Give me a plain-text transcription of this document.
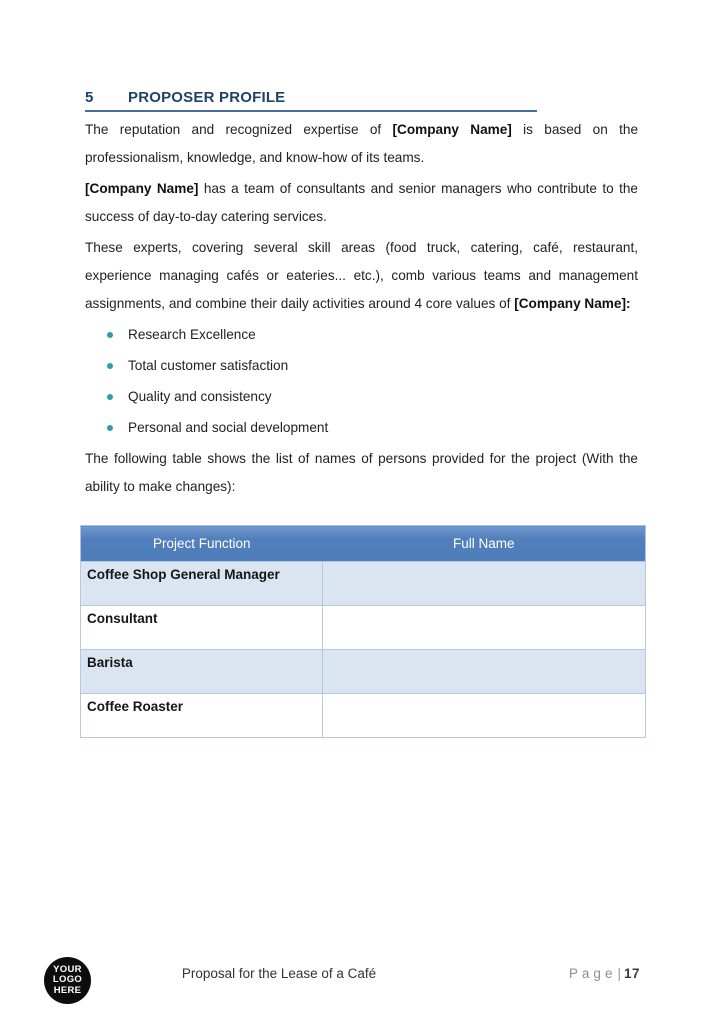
5	PROPOSER PROFILE

The reputation and recognized expertise of [Company Name] is based on the professionalism, knowledge, and know-how of its teams.

[Company Name] has a team of consultants and senior managers who contribute to the success of day-to-day catering services.

These experts, covering several skill areas (food truck, catering, café, restaurant, experience managing cafés or eateries... etc.), comb various teams and management assignments, and combine their daily activities around 4 core values of [Company Name]:

Research Excellence
Total customer satisfaction
Quality and consistency
Personal and social development

The following table shows the list of names of persons provided for the project (With the ability to make changes):

Project Function	Full Name
Coffee Shop General Manager	
Consultant	
Barista	
Coffee Roaster	
YOUR
LOGO
HERE
Proposal for the Lease of a Café	Page| 17
